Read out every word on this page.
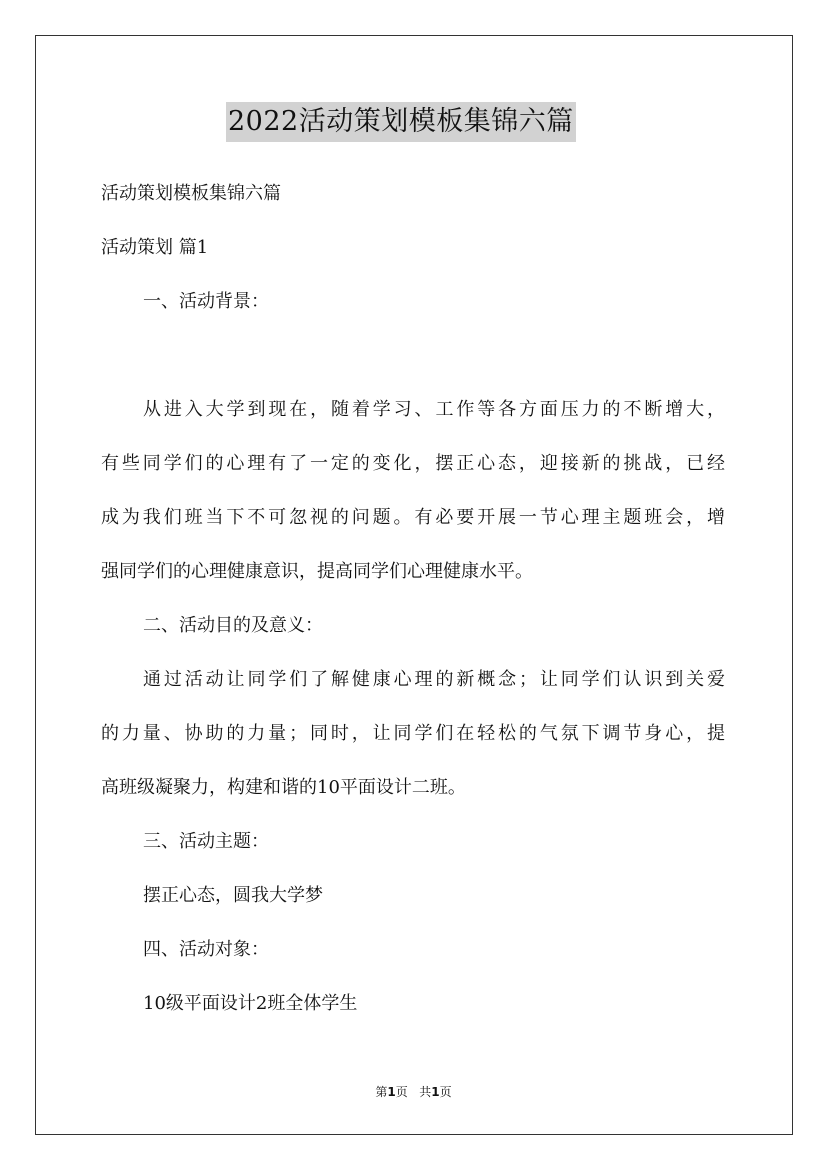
2022活动策划模板集锦六篇
活动策划模板集锦六篇
活动策划 篇1
一、活动背景：
从进入大学到现在，随着学习、工作等各方面压力的不断增大，
有些同学们的心理有了一定的变化，摆正心态，迎接新的挑战，已经
成为我们班当下不可忽视的问题。有必要开展一节心理主题班会，增
强同学们的心理健康意识，提高同学们心理健康水平。
二、活动目的及意义：
通过活动让同学们了解健康心理的新概念；让同学们认识到关爱
的力量、协助的力量；同时，让同学们在轻松的气氛下调节身心，提
高班级凝聚力，构建和谐的10平面设计二班。
三、活动主题：
摆正心态，圆我大学梦
四、活动对象：
10级平面设计2班全体学生
第1页 共1页
